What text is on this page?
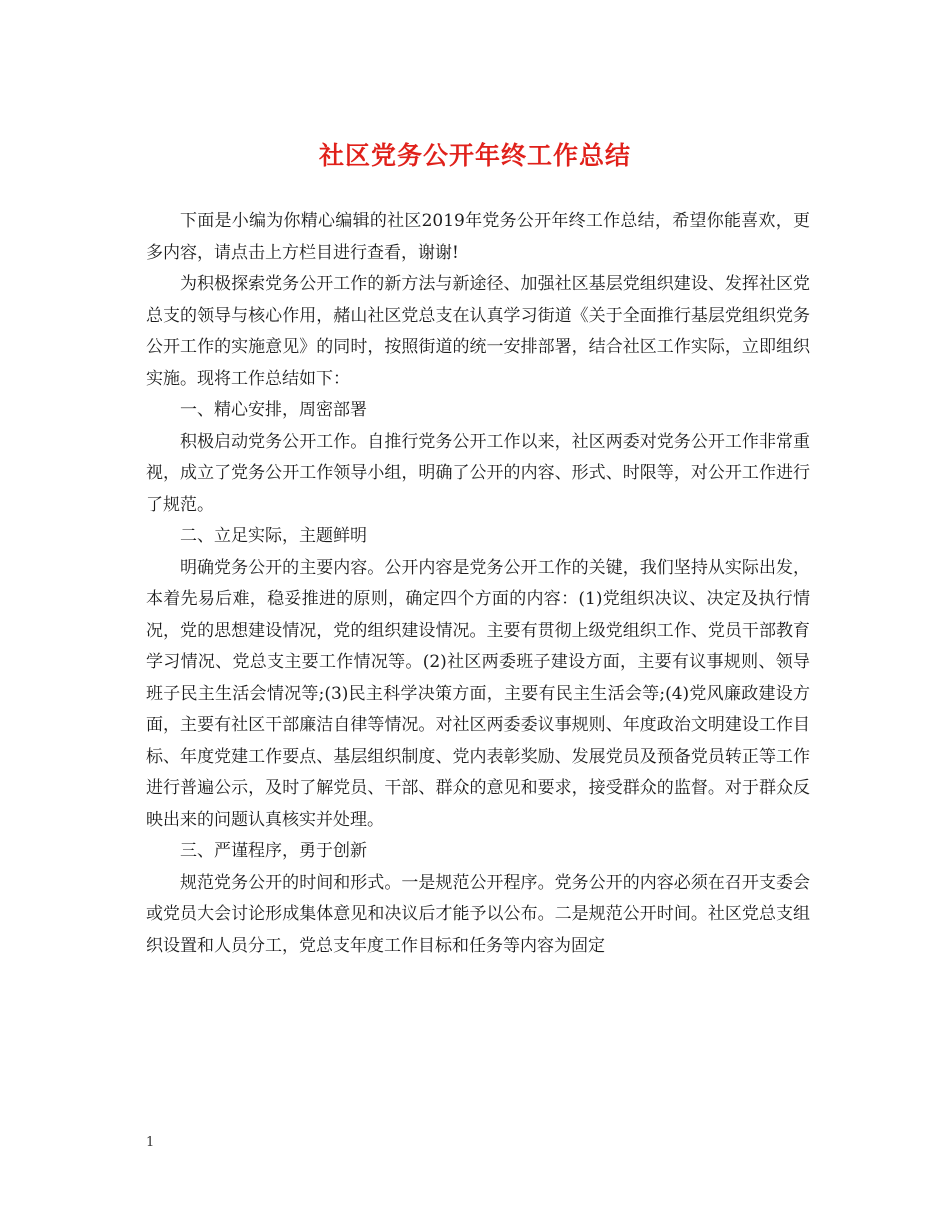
社区党务公开年终工作总结

下面是小编为你精心编辑的社区2019年党务公开年终工作总结，希望你能喜欢，更多内容，请点击上方栏目进行查看，谢谢!

为积极探索党务公开工作的新方法与新途径、加强社区基层党组织建设、发挥社区党总支的领导与核心作用，赭山社区党总支在认真学习街道《关于全面推行基层党组织党务公开工作的实施意见》的同时，按照街道的统一安排部署，结合社区工作实际，立即组织实施。现将工作总结如下：

一、精心安排，周密部署

积极启动党务公开工作。自推行党务公开工作以来，社区两委对党务公开工作非常重视，成立了党务公开工作领导小组，明确了公开的内容、形式、时限等，对公开工作进行了规范。

二、立足实际，主题鲜明

明确党务公开的主要内容。公开内容是党务公开工作的关键，我们坚持从实际出发，本着先易后难，稳妥推进的原则，确定四个方面的内容：(1)党组织决议、决定及执行情况，党的思想建设情况，党的组织建设情况。主要有贯彻上级党组织工作、党员干部教育学习情况、党总支主要工作情况等。(2)社区两委班子建设方面，主要有议事规则、领导班子民主生活会情况等;(3)民主科学决策方面，主要有民主生活会等;(4)党风廉政建设方面，主要有社区干部廉洁自律等情况。对社区两委委议事规则、年度政治文明建设工作目标、年度党建工作要点、基层组织制度、党内表彰奖励、发展党员及预备党员转正等工作进行普遍公示，及时了解党员、干部、群众的意见和要求，接受群众的监督。对于群众反映出来的问题认真核实并处理。

三、严谨程序，勇于创新

规范党务公开的时间和形式。一是规范公开程序。党务公开的内容必须在召开支委会或党员大会讨论形成集体意见和决议后才能予以公布。二是规范公开时间。社区党总支组织设置和人员分工，党总支年度工作目标和任务等内容为固定

1
